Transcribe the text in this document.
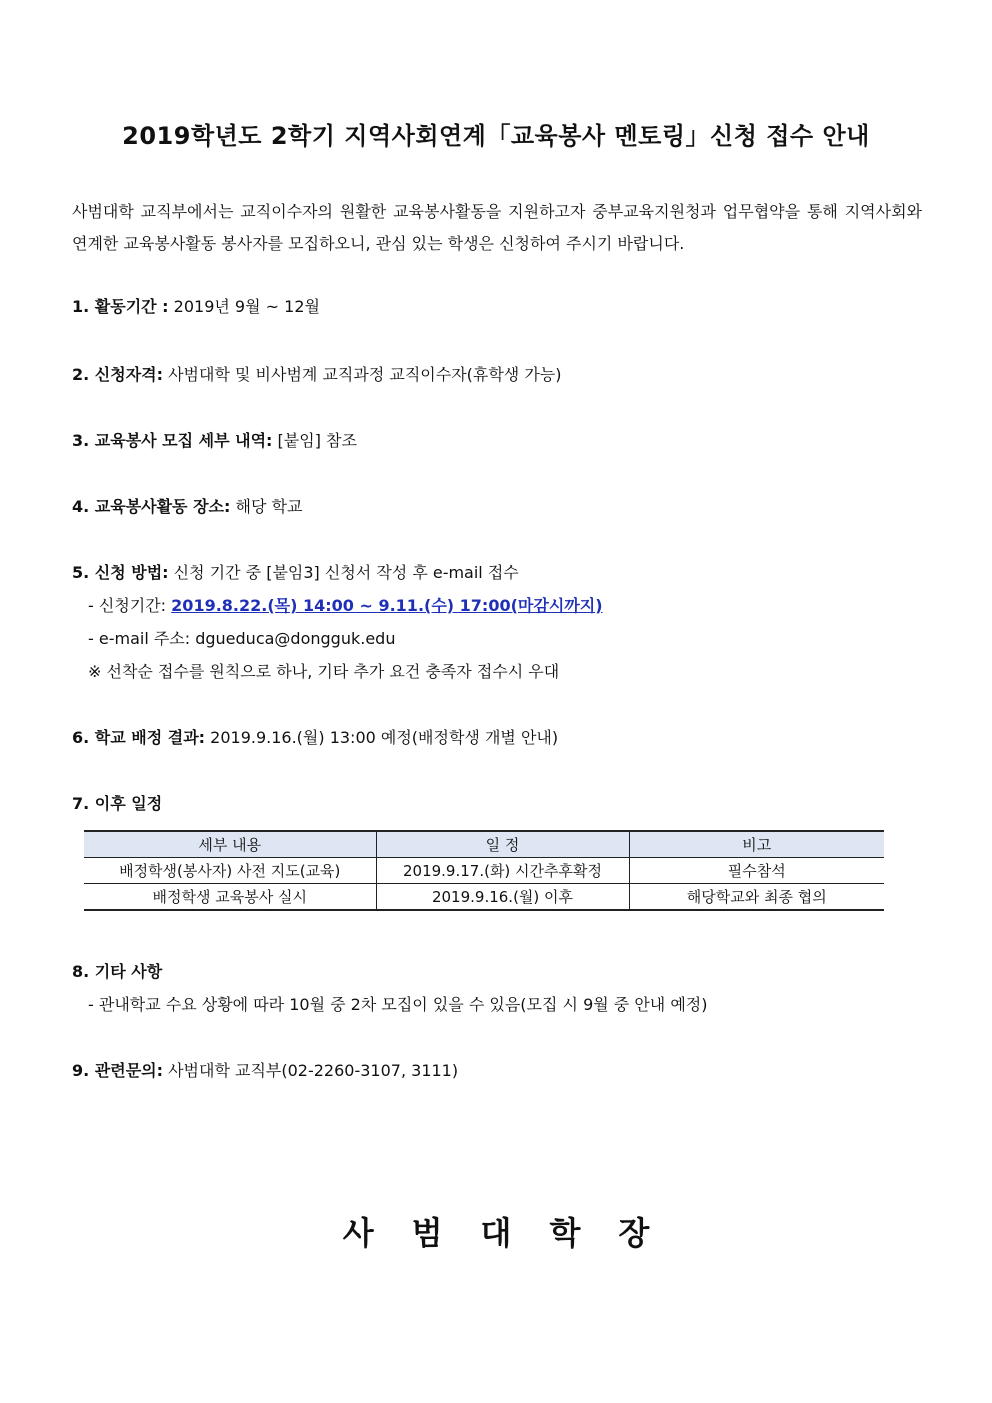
2019학년도 2학기 지역사회연계「교육봉사 멘토링」신청 접수 안내
사범대학 교직부에서는 교직이수자의 원활한 교육봉사활동을 지원하고자 중부교육지원청과 업무협약을 통해 지역사회와 연계한 교육봉사활동 봉사자를 모집하오니, 관심 있는 학생은 신청하여 주시기 바랍니다.
1. 활동기간 : 2019년 9월 ~ 12월
2. 신청자격: 사범대학 및 비사범계 교직과정 교직이수자(휴학생 가능)
3. 교육봉사 모집 세부 내역: [붙임] 참조
4. 교육봉사활동 장소: 해당 학교
5. 신청 방법: 신청 기간 중 [붙임3] 신청서 작성 후 e-mail 접수
- 신청기간: 2019.8.22.(목) 14:00 ~ 9.11.(수) 17:00(마감시까지)
- e-mail 주소: dgueduca@dongguk.edu
※ 선착순 접수를 원칙으로 하나, 기타 추가 요건 충족자 접수시 우대
6. 학교 배정 결과: 2019.9.16.(월) 13:00 예정(배정학생 개별 안내)
7. 이후 일정
세부 내용	일 정	비고
배정학생(봉사자) 사전 지도(교육)	2019.9.17.(화) 시간추후확정	필수참석
배정학생 교육봉사 실시	2019.9.16.(월) 이후	해당학교와 최종 협의
8. 기타 사항
- 관내학교 수요 상황에 따라 10월 중 2차 모집이 있을 수 있음(모집 시 9월 중 안내 예정)
9. 관련문의: 사범대학 교직부(02-2260-3107, 3111)
사범대학장
